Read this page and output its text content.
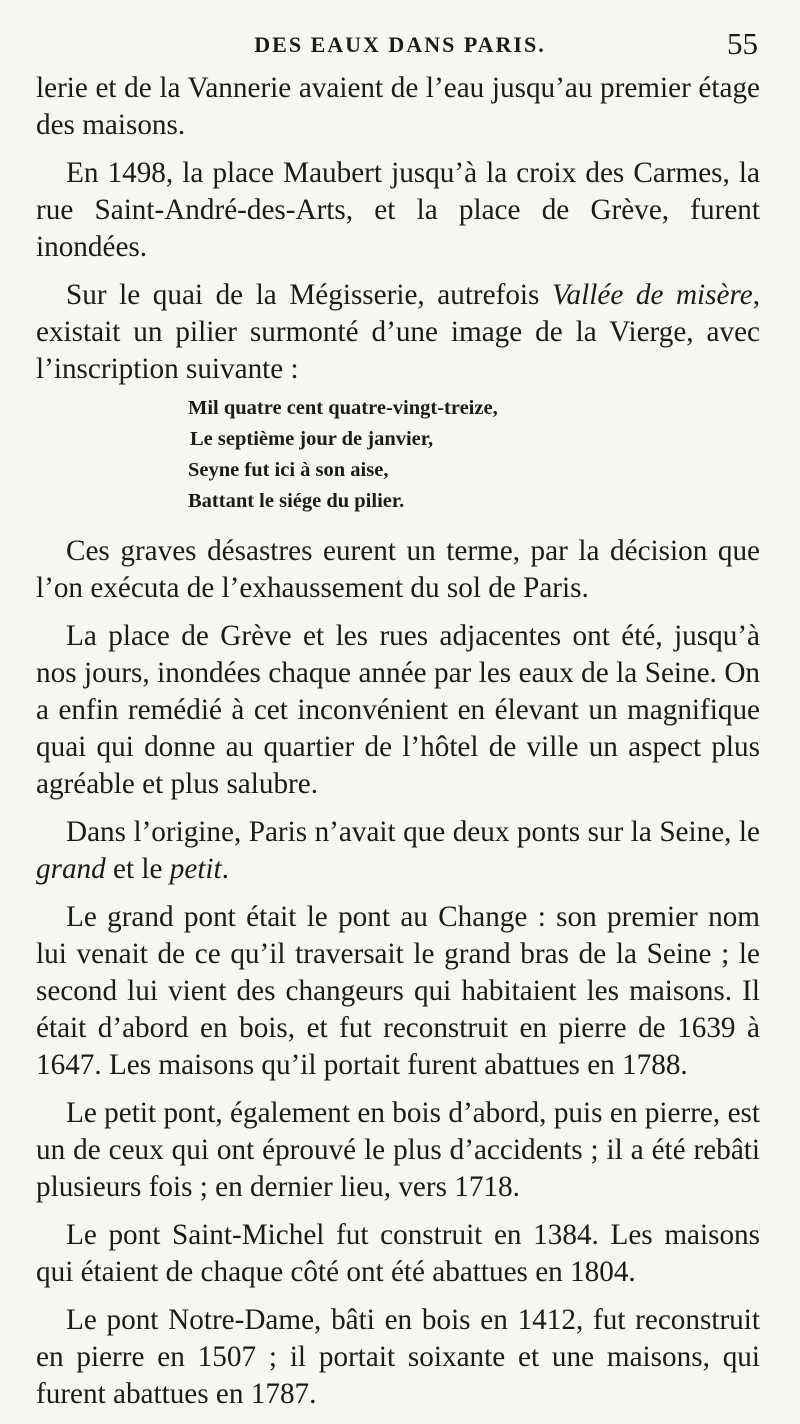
DES EAUX DANS PARIS.	55

lerie et de la Vannerie avaient de l’eau jusqu’au premier étage des maisons.

En 1498, la place Maubert jusqu’à la croix des Carmes, la rue Saint-André-des-Arts, et la place de Grève, furent inondées.

Sur le quai de la Mégisserie, autrefois Vallée de misère, existait un pilier surmonté d’une image de la Vierge, avec l’inscription suivante :

Mil quatre cent quatre-vingt-treize,
Le septième jour de janvier,
Seyne fut ici à son aise,
Battant le siége du pilier.

Ces graves désastres eurent un terme, par la décision que l’on exécuta de l’exhaussement du sol de Paris.

La place de Grève et les rues adjacentes ont été, jusqu’à nos jours, inondées chaque année par les eaux de la Seine. On a enfin remédié à cet inconvénient en élevant un magnifique quai qui donne au quartier de l’hôtel de ville un aspect plus agréable et plus salubre.

Dans l’origine, Paris n’avait que deux ponts sur la Seine, le grand et le petit.

Le grand pont était le pont au Change : son premier nom lui venait de ce qu’il traversait le grand bras de la Seine ; le second lui vient des changeurs qui habitaient les maisons. Il était d’abord en bois, et fut reconstruit en pierre de 1639 à 1647. Les maisons qu’il portait furent abattues en 1788.

Le petit pont, également en bois d’abord, puis en pierre, est un de ceux qui ont éprouvé le plus d’accidents ; il a été rebâti plusieurs fois ; en dernier lieu, vers 1718.

Le pont Saint-Michel fut construit en 1384. Les maisons qui étaient de chaque côté ont été abattues en 1804.

Le pont Notre-Dame, bâti en bois en 1412, fut reconstruit en pierre en 1507 ; il portait soixante et une maisons, qui furent abattues en 1787.
